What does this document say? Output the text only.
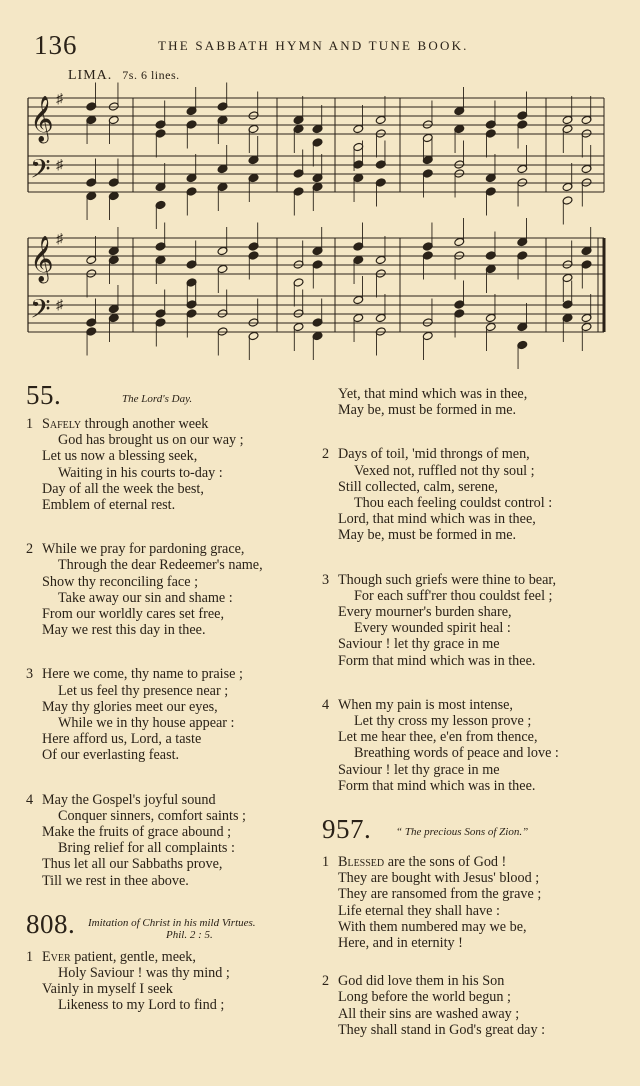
136	THE SABBATH HYMN AND TUNE BOOK.
LIMA. 7s. 6 lines.
𝄞
𝄢
♯
♯
𝄞
𝄢
♯
♯
55.	The Lord's Day.
1 Safely through another week
God has brought us on our way ;
Let us now a blessing seek,
Waiting in his courts to-day :
Day of all the week the best,
Emblem of eternal rest.
2 While we pray for pardoning grace,
Through the dear Redeemer's name,
Show thy reconciling face ;
Take away our sin and shame :
From our worldly cares set free,
May we rest this day in thee.
3 Here we come, thy name to praise ;
Let us feel thy presence near ;
May thy glories meet our eyes,
While we in thy house appear :
Here afford us, Lord, a taste
Of our everlasting feast.
4 May the Gospel's joyful sound
Conquer sinners, comfort saints ;
Make the fruits of grace abound ;
Bring relief for all complaints :
Thus let all our Sabbaths prove,
Till we rest in thee above.
808. Imitation of Christ in his mild Virtues.
Phil. 2 : 5.
1 Ever patient, gentle, meek,
Holy Saviour ! was thy mind ;
Vainly in myself I seek
Likeness to my Lord to find ;
Yet, that mind which was in thee,
May be, must be formed in me.
2 Days of toil, 'mid throngs of men,
Vexed not, ruffled not thy soul ;
Still collected, calm, serene,
Thou each feeling couldst control :
Lord, that mind which was in thee,
May be, must be formed in me.
3 Though such griefs were thine to bear,
For each suff'rer thou couldst feel ;
Every mourner's burden share,
Every wounded spirit heal :
Saviour ! let thy grace in me
Form that mind which was in thee.
4 When my pain is most intense,
Let thy cross my lesson prove ;
Let me hear thee, e'en from thence,
Breathing words of peace and love :
Saviour ! let thy grace in me
Form that mind which was in thee.
957. “ The precious Sons of Zion.”
1 Blessed are the sons of God !
They are bought with Jesus' blood ;
They are ransomed from the grave ;
Life eternal they shall have :
With them numbered may we be,
Here, and in eternity !
2 God did love them in his Son
Long before the world begun ;
All their sins are washed away ;
They shall stand in God's great day :
